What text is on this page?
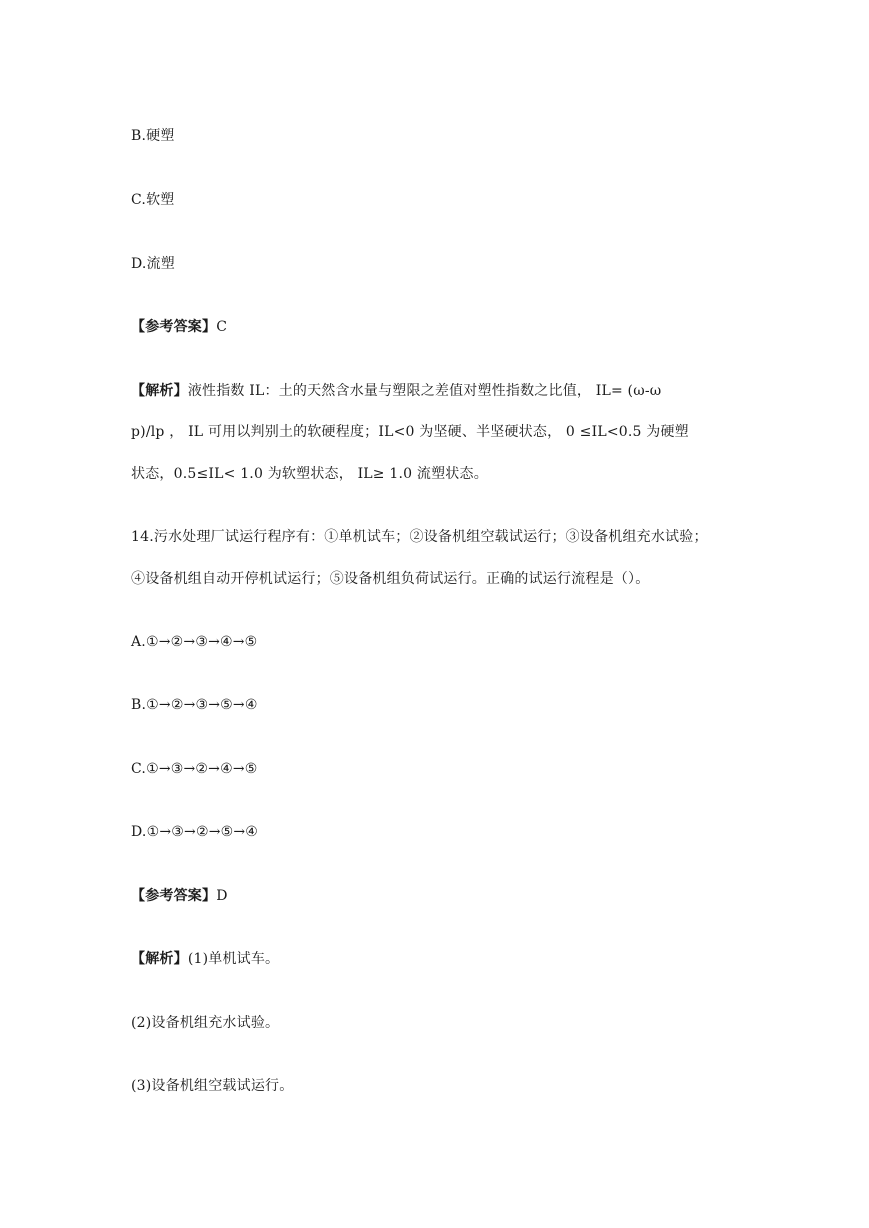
B.硬塑
C.软塑
D.流塑
【参考答案】C
【解析】液性指数 IL：土的天然含水量与塑限之差值对塑性指数之比值， IL= (ω-ω
p)/lp ， IL 可用以判别土的软硬程度；IL<0 为坚硬、半坚硬状态， 0 ≤IL<0.5 为硬塑
状态，0.5≤IL< 1.0 为软塑状态， IL≥ 1.0 流塑状态。
14.污水处理厂试运行程序有：①单机试车；②设备机组空载试运行；③设备机组充水试验；
④设备机组自动开停机试运行；⑤设备机组负荷试运行。正确的试运行流程是（）。
A.①→②→③→④→⑤
B.①→②→③→⑤→④
C.①→③→②→④→⑤
D.①→③→②→⑤→④
【参考答案】D
【解析】(1)单机试车。
(2)设备机组充水试验。
(3)设备机组空载试运行。
